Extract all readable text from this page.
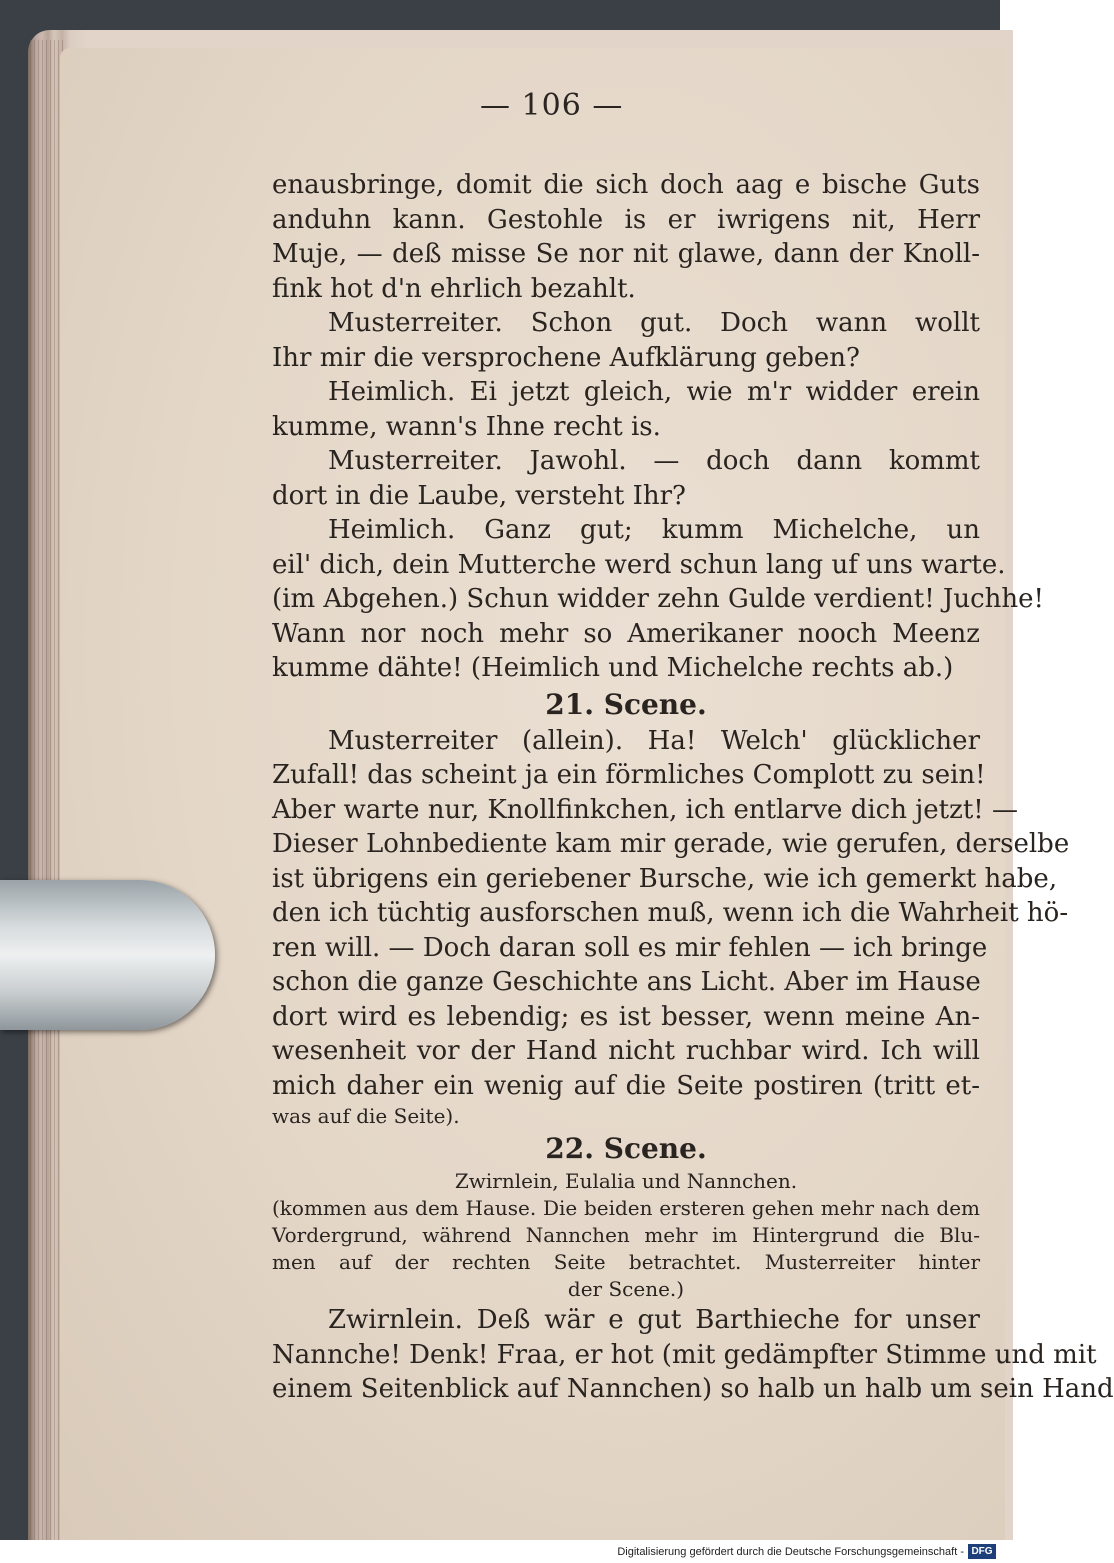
— 106 —
enausbringe, domit die sich doch aag e bische Guts
anduhn kann. Gestohle is er iwrigens nit, Herr
Muje, — deß misse Se nor nit glawe, dann der Knoll-
fink hot d'n ehrlich bezahlt.
Musterreiter. Schon gut. Doch wann wollt
Ihr mir die versprochene Aufklärung geben?
Heimlich. Ei jetzt gleich, wie m'r widder erein
kumme, wann's Ihne recht is.
Musterreiter. Jawohl. — doch dann kommt
dort in die Laube, versteht Ihr?
Heimlich. Ganz gut; kumm Michelche, un
eil' dich, dein Mutterche werd schun lang uf uns warte.
(im Abgehen.) Schun widder zehn Gulde verdient! Juchhe!
Wann nor noch mehr so Amerikaner nooch Meenz
kumme dähte! (Heimlich und Michelche rechts ab.)
21. Scene.
Musterreiter (allein). Ha! Welch' glücklicher
Zufall! das scheint ja ein förmliches Complott zu sein!
Aber warte nur, Knollfinkchen, ich entlarve dich jetzt! —
Dieser Lohnbediente kam mir gerade, wie gerufen, derselbe
ist übrigens ein geriebener Bursche, wie ich gemerkt habe,
den ich tüchtig ausforschen muß, wenn ich die Wahrheit hö-
ren will. — Doch daran soll es mir fehlen — ich bringe
schon die ganze Geschichte ans Licht. Aber im Hause
dort wird es lebendig; es ist besser, wenn meine An-
wesenheit vor der Hand nicht ruchbar wird. Ich will
mich daher ein wenig auf die Seite postiren (tritt et-
was auf die Seite).
22. Scene.
Zwirnlein, Eulalia und Nannchen.
(kommen aus dem Hause. Die beiden ersteren gehen mehr nach dem
Vordergrund, während Nannchen mehr im Hintergrund die Blu-
men auf der rechten Seite betrachtet. Musterreiter hinter
der Scene.)
Zwirnlein. Deß wär e gut Barthieche for unser
Nannche! Denk! Fraa, er hot (mit gedämpfter Stimme und mit
einem Seitenblick auf Nannchen) so halb un halb um sein Hand
Digitalisierung gefördert durch die Deutsche Forschungsgemeinschaft - DFG
